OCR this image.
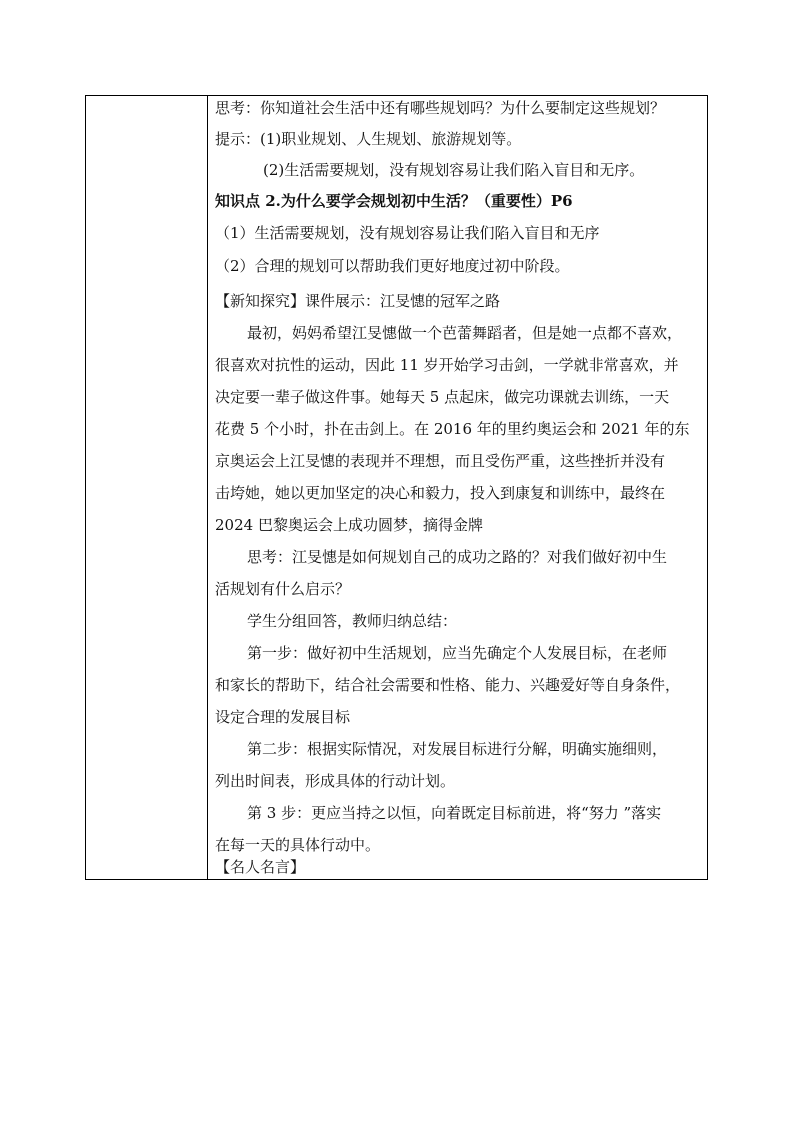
思考：你知道社会生活中还有哪些规划吗？为什么要制定这些规划？
提示：(1)职业规划、人生规划、旅游规划等。
(2)生活需要规划，没有规划容易让我们陷入盲目和无序。
知识点 2.为什么要学会规划初中生活？（重要性）P6
（1）生活需要规划，没有规划容易让我们陷入盲目和无序
（2）合理的规划可以帮助我们更好地度过初中阶段。
【新知探究】课件展示：江旻憓的冠军之路
最初，妈妈希望江旻憓做一个芭蕾舞蹈者，但是她一点都不喜欢，
很喜欢对抗性的运动，因此 11 岁开始学习击剑，一学就非常喜欢，并
决定要一辈子做这件事。她每天 5 点起床，做完功课就去训练，一天
花费 5 个小时，扑在击剑上。在 2016 年的里约奥运会和 2021 年的东
京奥运会上江旻憓的表现并不理想，而且受伤严重，这些挫折并没有
击垮她，她以更加坚定的决心和毅力，投入到康复和训练中，最终在
2024 巴黎奥运会上成功圆梦，摘得金牌
思考：江旻憓是如何规划自己的成功之路的？对我们做好初中生
活规划有什么启示？
学生分组回答，教师归纳总结：
第一步：做好初中生活规划，应当先确定个人发展目标，在老师
和家长的帮助下，结合社会需要和性格、能力、兴趣爱好等自身条件，
设定合理的发展目标
第二步：根据实际情况，对发展目标进行分解，明确实施细则，
列出时间表，形成具体的行动计划。
第 3 步：更应当持之以恒，向着既定目标前进，将“努力 ”落实
在每一天的具体行动中。
【名人名言】
